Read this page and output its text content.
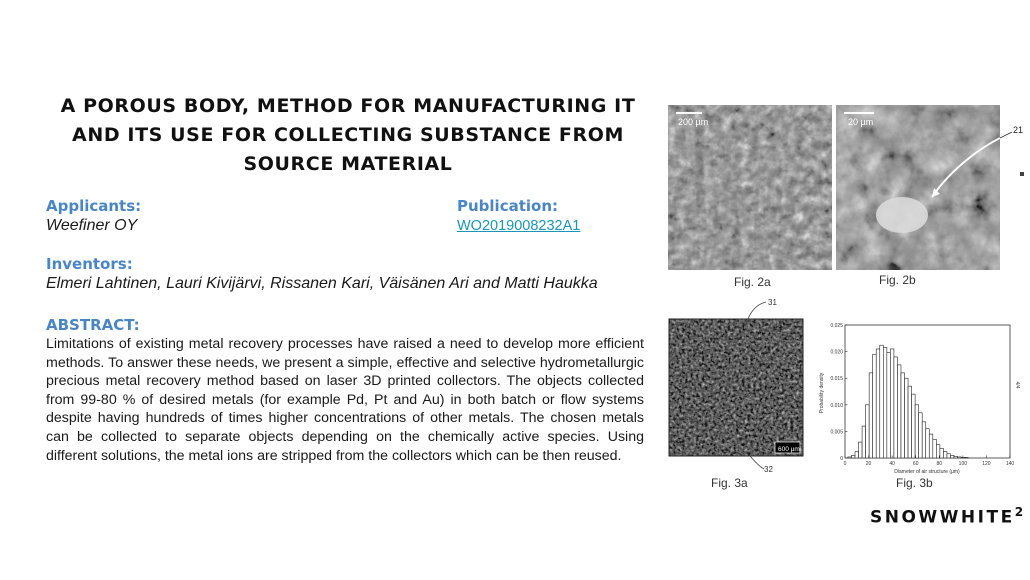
A POROUS BODY, METHOD FOR MANUFACTURING IT AND ITS USE FOR COLLECTING SUBSTANCE FROM SOURCE MATERIAL
Applicants:
Weefiner OY
Publication:
WO2019008232A1
Inventors:
Elmeri Lahtinen, Lauri Kivijärvi, Rissanen Kari, Väisänen Ari and Matti Haukka
ABSTRACT:
Limitations of existing metal recovery processes have raised a need to develop more efficient methods. To answer these needs, we present a simple, effective and selective hydrometallurgic precious metal recovery method based on laser 3D printed collectors. The objects collected from 99-80 % of desired metals (for example Pd, Pt and Au) in both batch or flow systems despite having hundreds of times higher concentrations of other metals. The chosen metals can be collected to separate objects depending on the chemically active species. Using different solutions, the metal ions are stripped from the collectors which can be then reused.
200 µm
Fig. 2a
20 µm
21
Fig. 2b
600 µm
31
32
Fig. 3a
0
0.005
0.010
0.015
0.020
0.025
0	20	40	60	80	100	120	140
Probability density
Diameter of air structure (µm)
4/4
Fig. 3b
SNOWWHITE$^2$
